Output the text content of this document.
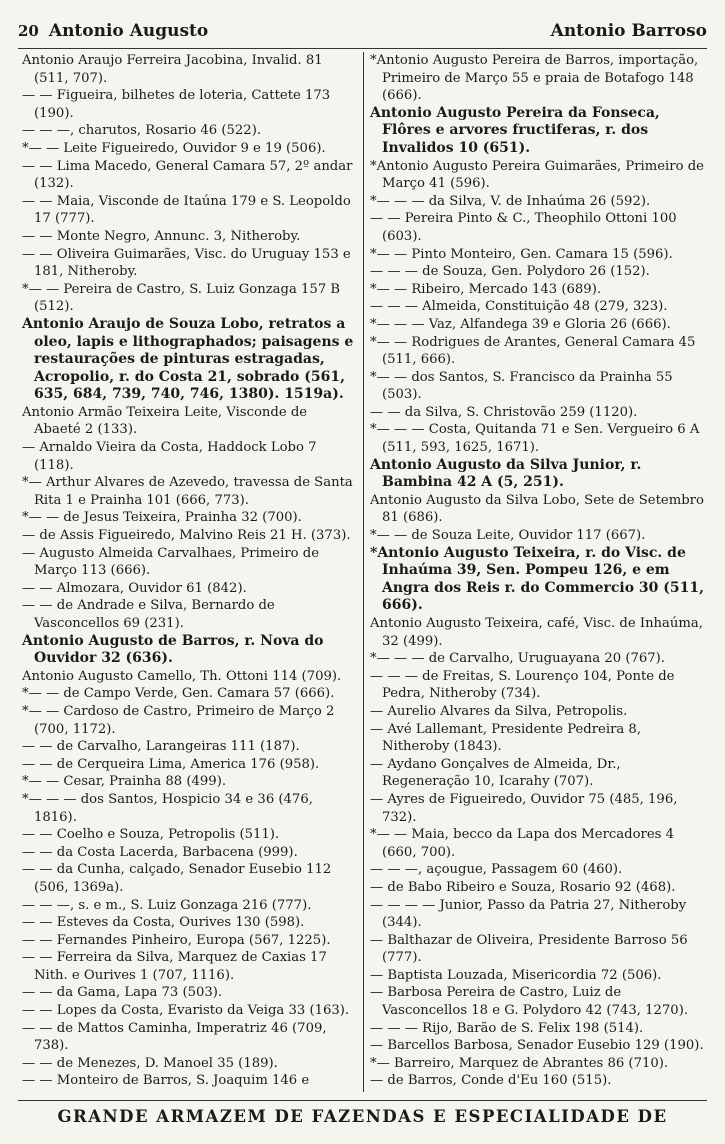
20 Antonio Augusto	Antonio Barroso

Antonio Araujo Ferreira Jacobina, Invalid. 81 (511, 707).

— — Figueira, bilhetes de loteria, Cattete 173 (190).

— — —, charutos, Rosario 46 (522).

*— — Leite Figueiredo, Ouvidor 9 e 19 (506).

— — Lima Macedo, General Camara 57, 2º andar (132).

— — Maia, Visconde de Itaúna 179 e S. Leopoldo 17 (777).

— — Monte Negro, Annunc. 3, Nitheroby.

— — Oliveira Guimarães, Visc. do Uruguay 153 e 181, Nitheroby.

*— — Pereira de Castro, S. Luiz Gonzaga 157 B (512).

Antonio Araujo de Souza Lobo, retratos a oleo, lapis e lithographados; paisagens e restaurações de pinturas estragadas, Acropolio, r. do Costa 21, sobrado (561, 635, 684, 739, 740, 746, 1380). 1519a).

Antonio Armão Teixeira Leite, Visconde de Abaeté 2 (133).

— Arnaldo Vieira da Costa, Haddock Lobo 7 (118).

*— Arthur Alvares de Azevedo, travessa de Santa Rita 1 e Prainha 101 (666, 773).

*— — de Jesus Teixeira, Prainha 32 (700).

— de Assis Figueiredo, Malvino Reis 21 H. (373).

— Augusto Almeida Carvalhaes, Primeiro de Março 113 (666).

— — Almozara, Ouvidor 61 (842).

— — de Andrade e Silva, Bernardo de Vasconcellos 69 (231).

Antonio Augusto de Barros, r. Nova do Ouvidor 32 (636).

Antonio Augusto Camello, Th. Ottoni 114 (709).

*— — de Campo Verde, Gen. Camara 57 (666).

*— — Cardoso de Castro, Primeiro de Março 2 (700, 1172).

— — de Carvalho, Larangeiras 111 (187).

— — de Cerqueira Lima, America 176 (958).

*— — Cesar, Prainha 88 (499).

*— — — dos Santos, Hospicio 34 e 36 (476, 1816).

— — Coelho e Souza, Petropolis (511).

— — da Costa Lacerda, Barbacena (999).

— — da Cunha, calçado, Senador Eusebio 112 (506, 1369a).

— — —, s. e m., S. Luiz Gonzaga 216 (777).

— — Esteves da Costa, Ourives 130 (598).

— — Fernandes Pinheiro, Europa (567, 1225).

— — Ferreira da Silva, Marquez de Caxias 17 Nith. e Ourives 1 (707, 1116).

— — da Gama, Lapa 73 (503).

— — Lopes da Costa, Evaristo da Veiga 33 (163).

— — de Mattos Caminha, Imperatriz 46 (709, 738).

— — de Menezes, D. Manoel 35 (189).

— — Monteiro de Barros, S. Joaquim 146 e

*Antonio Augusto Pereira de Barros, importação, Primeiro de Março 55 e praia de Botafogo 148 (666).

Antonio Augusto Pereira da Fonseca, Flôres e arvores fructiferas, r. dos Invalidos 10 (651).

*Antonio Augusto Pereira Guimarães, Primeiro de Março 41 (596).

*— — — da Silva, V. de Inhaúma 26 (592).

— — Pereira Pinto & C., Theophilo Ottoni 100 (603).

*— — Pinto Monteiro, Gen. Camara 15 (596).

— — — de Souza, Gen. Polydoro 26 (152).

*— — Ribeiro, Mercado 143 (689).

— — — Almeida, Constituição 48 (279, 323).

*— — — Vaz, Alfandega 39 e Gloria 26 (666).

*— — Rodrigues de Arantes, General Camara 45 (511, 666).

*— — dos Santos, S. Francisco da Prainha 55 (503).

— — da Silva, S. Christovão 259 (1120).

*— — — Costa, Quitanda 71 e Sen. Vergueiro 6 A (511, 593, 1625, 1671).

Antonio Augusto da Silva Junior, r. Bambina 42 A (5, 251).

Antonio Augusto da Silva Lobo, Sete de Setembro 81 (686).

*— — de Souza Leite, Ouvidor 117 (667).

*Antonio Augusto Teixeira, r. do Visc. de Inhaúma 39, Sen. Pompeu 126, e em Angra dos Reis r. do Commercio 30 (511, 666).

Antonio Augusto Teixeira, café, Visc. de Inhaúma, 32 (499).

*— — — de Carvalho, Uruguayana 20 (767).

— — — de Freitas, S. Lourenço 104, Ponte de Pedra, Nitheroby (734).

— Aurelio Alvares da Silva, Petropolis.

— Avé Lallemant, Presidente Pedreira 8, Nitheroby (1843).

— Aydano Gonçalves de Almeida, Dr., Regeneração 10, Icarahy (707).

— Ayres de Figueiredo, Ouvidor 75 (485, 196, 732).

*— — Maia, becco da Lapa dos Mercadores 4 (660, 700).

— — —, açougue, Passagem 60 (460).

— de Babo Ribeiro e Souza, Rosario 92 (468).

— — — — Junior, Passo da Patria 27, Nitheroby (344).

— Balthazar de Oliveira, Presidente Barroso 56 (777).

— Baptista Louzada, Misericordia 72 (506).

— Barbosa Pereira de Castro, Luiz de Vasconcellos 18 e G. Polydoro 42 (743, 1270).

— — — Rijo, Barão de S. Felix 198 (514).

— Barcellos Barbosa, Senador Eusebio 129 (190).

*— Barreiro, Marquez de Abrantes 86 (710).

— de Barros, Conde d'Eu 160 (515).

GRANDE ARMAZEM DE FAZENDAS E ESPECIALIDADE DE
